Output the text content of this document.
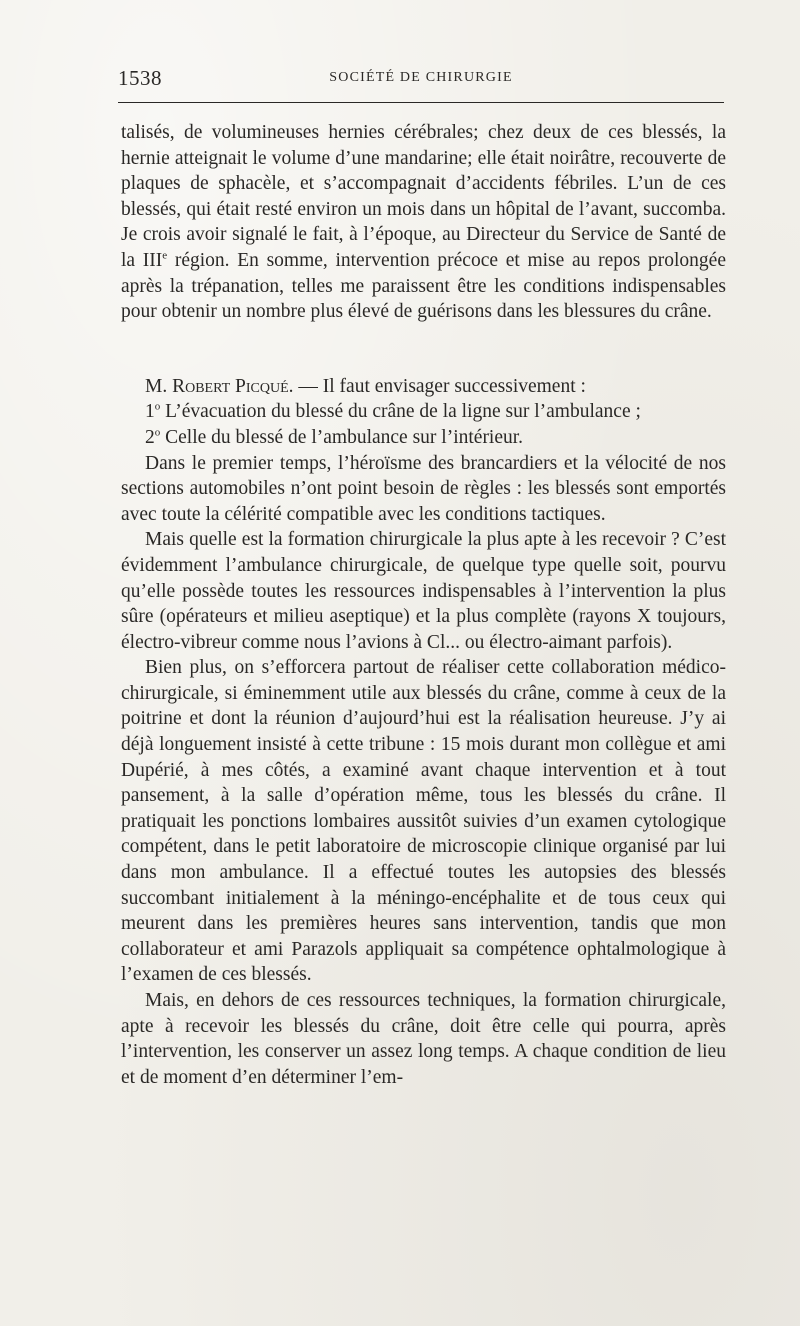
1538	SOCIÉTÉ DE CHIRURGIE

talisés, de volumineuses hernies cérébrales; chez deux de ces blessés, la hernie atteignait le volume d’une mandarine; elle était noirâtre, recouverte de plaques de sphacèle, et s’accompagnait d’accidents fébriles. L’un de ces blessés, qui était resté environ un mois dans un hôpital de l’avant, succomba. Je crois avoir signalé le fait, à l’époque, au Directeur du Service de Santé de la IIIe région. En somme, intervention précoce et mise au repos prolongée après la trépanation, telles me paraissent être les conditions indispensables pour obtenir un nombre plus élevé de guérisons dans les blessures du crâne.

M. Robert Picqué. — Il faut envisager successivement :

1$^o$ L’évacuation du blessé du crâne de la ligne sur l’ambulance ;

2$^o$ Celle du blessé de l’ambulance sur l’intérieur.

Dans le premier temps, l’héroïsme des brancardiers et la vélocité de nos sections automobiles n’ont point besoin de règles : les blessés sont emportés avec toute la célérité compatible avec les conditions tactiques.

Mais quelle est la formation chirurgicale la plus apte à les recevoir ? C’est évidemment l’ambulance chirurgicale, de quelque type quelle soit, pourvu qu’elle possède toutes les ressources indispensables à l’intervention la plus sûre (opérateurs et milieu aseptique) et la plus complète (rayons X toujours, électro-vibreur comme nous l’avions à Cl... ou électro-aimant parfois).

Bien plus, on s’efforcera partout de réaliser cette collaboration médico-chirurgicale, si éminemment utile aux blessés du crâne, comme à ceux de la poitrine et dont la réunion d’aujourd’hui est la réalisation heureuse. J’y ai déjà longuement insisté à cette tribune : 15 mois durant mon collègue et ami Dupérié, à mes côtés, a examiné avant chaque intervention et à tout pansement, à la salle d’opération même, tous les blessés du crâne. Il pratiquait les ponctions lombaires aussitôt suivies d’un examen cytologique compétent, dans le petit laboratoire de microscopie clinique organisé par lui dans mon ambulance. Il a effectué toutes les autopsies des blessés succombant initialement à la méningo-encéphalite et de tous ceux qui meurent dans les premières heures sans intervention, tandis que mon collaborateur et ami Parazols appliquait sa compétence ophtalmologique à l’examen de ces blessés.

Mais, en dehors de ces ressources techniques, la formation chirurgicale, apte à recevoir les blessés du crâne, doit être celle qui pourra, après l’intervention, les conserver un assez long temps. A chaque condition de lieu et de moment d’en déterminer l’em-
